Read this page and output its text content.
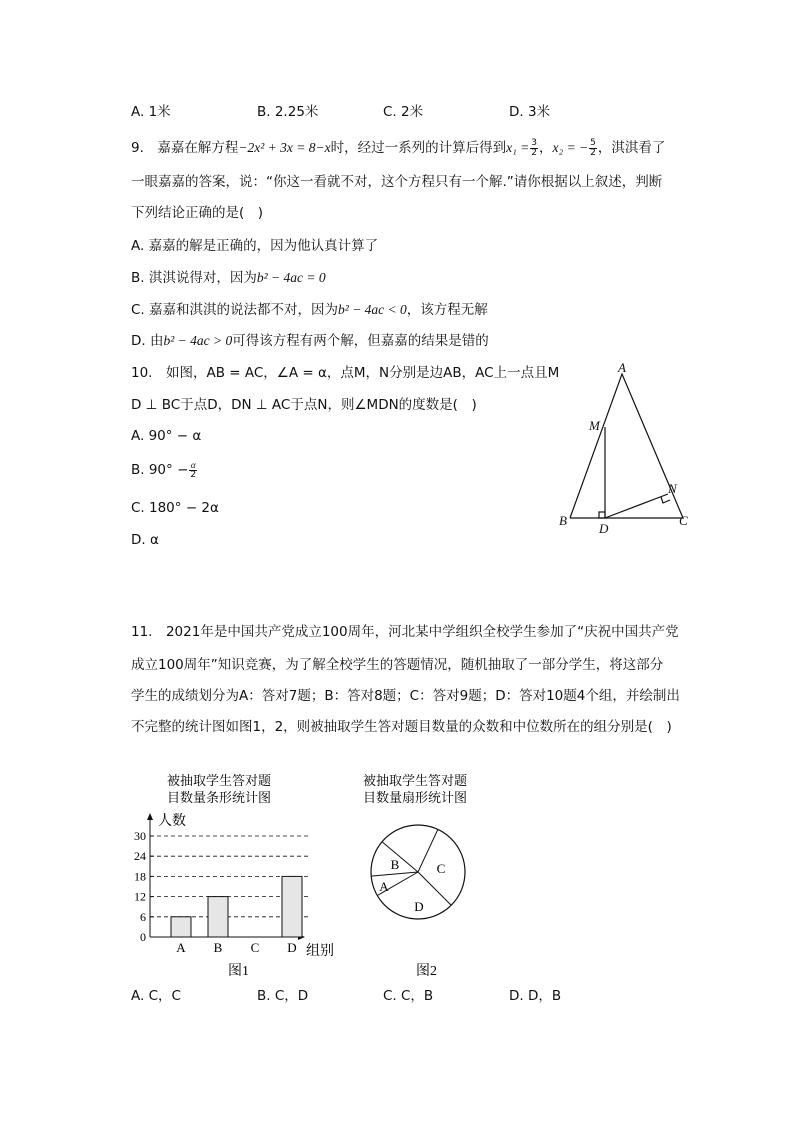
A. 1米	B. 2.25米	C. 2米	D. 3米
9.　嘉嘉在解方程−2x² + 3x = 8−x时，经过一系列的计算后得到$x_1 = \frac{3}{2}$ ，x₂ = − $\frac{5}{2}$ ，淇淇看了
一眼嘉嘉的答案，说：“你这一看就不对，这个方程只有一个解.”请你根据以上叙述，判断
下列结论正确的是(　)
A. 嘉嘉的解是正确的，因为他认真计算了
B. 淇淇说得对，因为b² − 4ac = 0
C. 嘉嘉和淇淇的说法都不对，因为b² − 4ac < 0，该方程无解
D. 由b² − 4ac > 0可得该方程有两个解，但嘉嘉的结果是错的
10.　如图，AB = AC，∠A = α，点M，N分别是边AB，AC上一点且M
D ⊥ BC于点D，DN ⊥ AC于点N，则∠MDN的度数是(　)
A. 90° − α
B. $90^\circ - \frac{\alpha}{2}$
C. 180° − 2α
D. α
A
M
N
B
D
C
11.　2021年是中国共产党成立100周年，河北某中学组织全校学生参加了“庆祝中国共产党
成立100周年”知识竞赛，为了解全校学生的答题情况，随机抽取了一部分学生，将这部分
学生的成绩划分为A：答对7题；B：答对8题；C：答对9题；D：答对10题4个组，并绘制出
不完整的统计图如图1，2，则被抽取学生答对题目数量的众数和中位数所在的组分别是(　)
被抽取学生答对题
目数量条形统计图
人数
组别
0
6
12
18
24
30
A B C D
图1
被抽取学生答对题
目数量扇形统计图
B	C
D
A
图2
A. C，C	B. C，D	C. C，B	D. D，B
